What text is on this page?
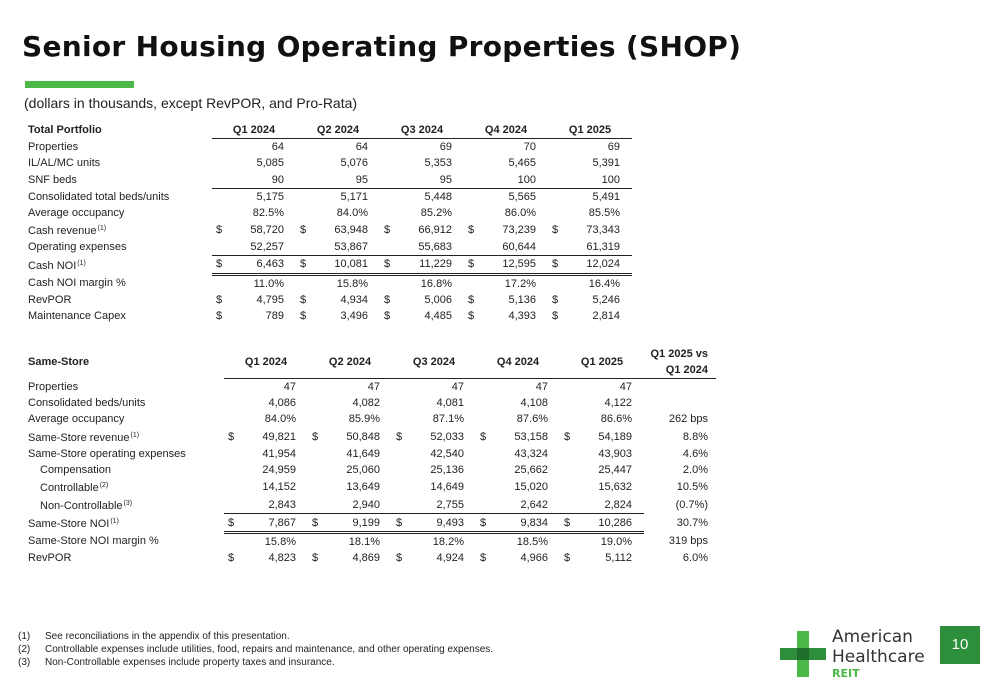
Senior Housing Operating Properties (SHOP)
(dollars in thousands, except RevPOR, and Pro-Rata)
Total Portfolio	Q1 2024		Q2 2024		Q3 2024		Q4 2024		Q1 2025	
Properties		64		64		69		70		69
IL/AL/MC units		5,085		5,076		5,353		5,465		5,391
SNF beds		90		95		95		100		100
Consolidated total beds/units		5,175		5,171		5,448		5,565		5,491
Average occupancy		82.5%		84.0%		85.2%		86.0%		85.5%
Cash revenue$^{(1)}$	$	58,720	$	63,948	$	66,912	$	73,239	$	73,343
Operating expenses		52,257		53,867		55,683		60,644		61,319
Cash NOI$^{(1)}$	$	6,463	$	10,081	$	11,229	$	12,595	$	12,024
Cash NOI margin %		11.0%		15.8%		16.8%		17.2%		16.4%
RevPOR	$	4,795	$	4,934	$	5,006	$	5,136	$	5,246
Maintenance Capex	$	789	$	3,496	$	4,485	$	4,393	$	2,814
Same-Store	Q1 2024		Q2 2024		Q3 2024		Q4 2024		Q1 2025		Q1 2025 vs
Q1 2024

Properties		47		47		47		47		47	
Consolidated beds/units		4,086		4,082		4,081		4,108		4,122	
Average occupancy		84.0%		85.9%		87.1%		87.6%		86.6%	262 bps
Same-Store revenue$^{(1)}$	$	49,821	$	50,848	$	52,033	$	53,158	$	54,189	8.8%
Same-Store operating expenses		41,954		41,649		42,540		43,324		43,903	4.6%
Compensation		24,959		25,060		25,136		25,662		25,447	2.0%
Controllable$^{(2)}$		14,152		13,649		14,649		15,020		15,632	10.5%
Non-Controllable$^{(3)}$		2,843		2,940		2,755		2,642		2,824	(0.7%)
Same-Store NOI$^{(1)}$	$	7,867	$	9,199	$	9,493	$	9,834	$	10,286	30.7%
Same-Store NOI margin %		15.8%		18.1%		18.2%		18.5%		19.0%	319 bps
RevPOR	$	4,823	$	4,869	$	4,924	$	4,966	$	5,112	6.0%
(1)	See reconciliations in the appendix of this presentation.
(2)	Controllable expenses include utilities, food, repairs and maintenance, and other operating expenses.
(3)	Non-Controllable expenses include property taxes and insurance.
American
Healthcare
REIT
10
